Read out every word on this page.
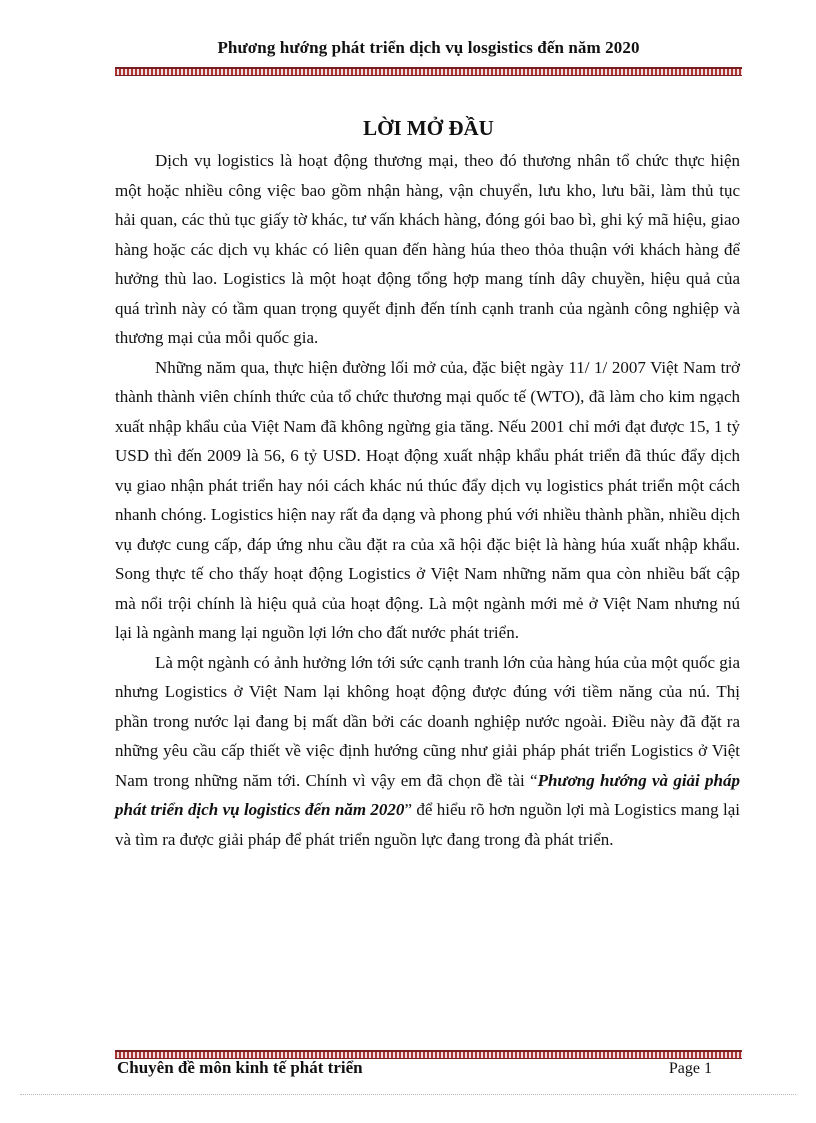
Phương hướng phát triển dịch vụ losgistics đến năm 2020
LỜI MỞ ĐẦU

Dịch vụ logistics là hoạt động thương mại, theo đó thương nhân tổ chức thực hiện một hoặc nhiều công việc bao gồm nhận hàng, vận chuyển, lưu kho, lưu bãi, làm thủ tục hải quan, các thủ tục giấy tờ khác, tư vấn khách hàng, đóng gói bao bì, ghi ký mã hiệu, giao hàng hoặc các dịch vụ khác có liên quan đến hàng húa theo thỏa thuận với khách hàng để hưởng thù lao. Logistics là một hoạt động tổng hợp mang tính dây chuyền, hiệu quả của quá trình này có tầm quan trọng quyết định đến tính cạnh tranh của ngành công nghiệp và thương mại của mỗi quốc gia.

Những năm qua, thực hiện đường lối mở của, đặc biệt ngày 11/ 1/ 2007 Việt Nam trở thành thành viên chính thức của tổ chức thương mại quốc tế (WTO), đã làm cho kim ngạch xuất nhập khẩu của Việt Nam đã không ngừng gia tăng. Nếu 2001 chỉ mới đạt được 15, 1 tỷ USD thì đến 2009 là 56, 6 tỷ USD. Hoạt động xuất nhập khẩu phát triển đã thúc đẩy dịch vụ giao nhận phát triển hay nói cách khác nú thúc đẩy dịch vụ logistics phát triển một cách nhanh chóng. Logistics hiện nay rất đa dạng và phong phú với nhiều thành phần, nhiều dịch vụ được cung cấp, đáp ứng nhu cầu đặt ra của xã hội đặc biệt là hàng húa xuất nhập khẩu. Song thực tế cho thấy hoạt động Logistics ở Việt Nam những năm qua còn nhiều bất cập mà nổi trội chính là hiệu quả của hoạt động. Là một ngành mới mẻ ở Việt Nam nhưng nú lại là ngành mang lại nguồn lợi lớn cho đất nước phát triển.

Là một ngành có ảnh hưởng lớn tới sức cạnh tranh lớn của hàng húa của một quốc gia nhưng Logistics ở Việt Nam lại không hoạt động được đúng với tiềm năng của nú. Thị phần trong nước lại đang bị mất dần bởi các doanh nghiệp nước ngoài. Điều này đã đặt ra những yêu cầu cấp thiết về việc định hướng cũng như giải pháp phát triển Logistics ở Việt Nam trong những năm tới. Chính vì vậy em đã chọn đề tài “Phương hướng và giải pháp phát triển dịch vụ logistics đến năm 2020” để hiểu rõ hơn nguồn lợi mà Logistics mang lại và tìm ra được giải pháp để phát triển nguồn lực đang trong đà phát triển.

Chuyên đề môn kinh tế phát triển	Page 1
